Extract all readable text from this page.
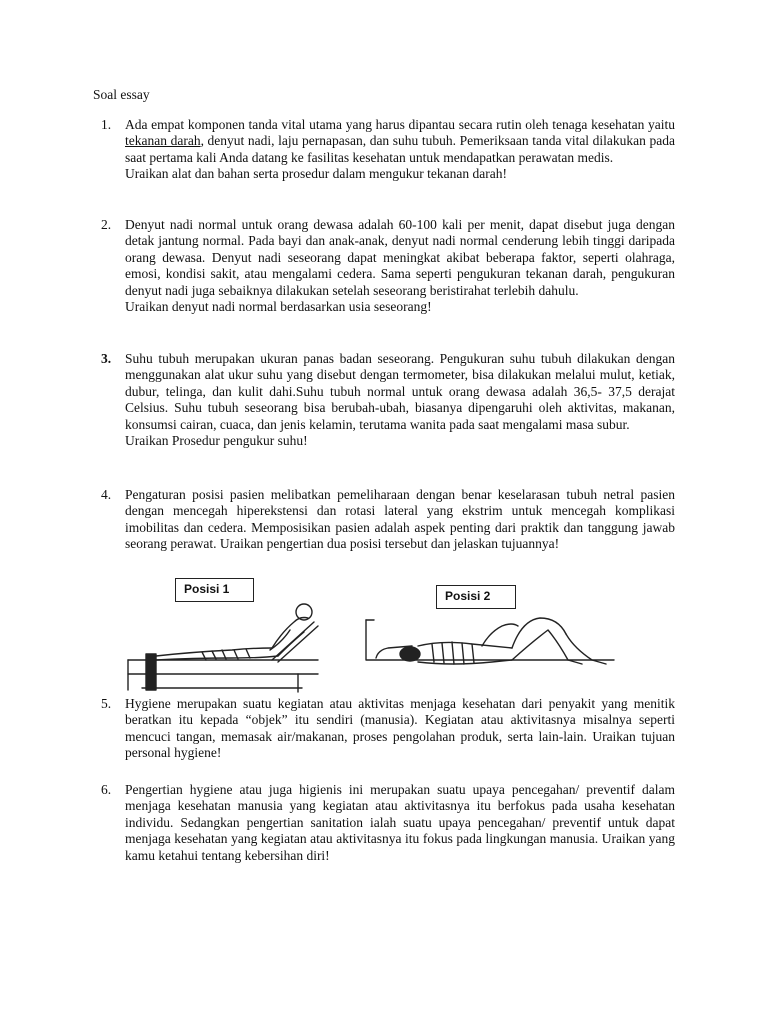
Soal essay
1.	Ada empat komponen tanda vital utama yang harus dipantau secara rutin oleh tenaga kesehatan yaitu tekanan darah, denyut nadi, laju pernapasan, dan suhu tubuh. Pemeriksaan tanda vital dilakukan pada saat pertama kali Anda datang ke fasilitas kesehatan untuk mendapatkan perawatan medis.

Uraikan alat dan bahan serta prosedur dalam mengukur tekanan darah!

2.	Denyut nadi normal untuk orang dewasa adalah 60-100 kali per menit, dapat disebut juga dengan detak jantung normal. Pada bayi dan anak-anak, denyut nadi normal cenderung lebih tinggi daripada orang dewasa. Denyut nadi seseorang dapat meningkat akibat beberapa faktor, seperti olahraga, emosi, kondisi sakit, atau mengalami cedera. Sama seperti pengukuran tekanan darah, pengukuran denyut nadi juga sebaiknya dilakukan setelah seseorang beristirahat terlebih dahulu.

Uraikan denyut nadi normal berdasarkan usia seseorang!

3.	Suhu tubuh merupakan ukuran panas badan seseorang. Pengukuran suhu tubuh dilakukan dengan menggunakan alat ukur suhu yang disebut dengan termometer, bisa dilakukan melalui mulut, ketiak, dubur, telinga, dan kulit dahi.Suhu tubuh normal untuk orang dewasa adalah 36,5- 37,5 derajat Celsius. Suhu tubuh seseorang bisa berubah-ubah, biasanya dipengaruhi oleh aktivitas, makanan, konsumsi cairan, cuaca, dan jenis kelamin, terutama wanita pada saat mengalami masa subur.

Uraikan Prosedur pengukur suhu!

4.	Pengaturan posisi pasien melibatkan pemeliharaan dengan benar keselarasan tubuh netral pasien dengan mencegah hiperekstensi dan rotasi lateral yang ekstrim untuk mencegah komplikasi imobilitas dan cedera. Memposisikan pasien adalah aspek penting dari praktik dan tanggung jawab seorang perawat. Uraikan pengertian dua posisi tersebut dan jelaskan tujuannya!

Posisi 1	Posisi 2
5.	Hygiene merupakan suatu kegiatan atau aktivitas menjaga kesehatan dari penyakit yang menitik beratkan itu kepada “objek” itu sendiri (manusia). Kegiatan atau aktivitasnya misalnya seperti mencuci tangan, memasak air/makanan, proses pengolahan produk, serta lain-lain. Uraikan tujuan personal hygiene!

6.	Pengertian hygiene atau juga higienis ini merupakan suatu upaya pencegahan/ preventif dalam menjaga kesehatan manusia yang kegiatan atau aktivitasnya itu berfokus pada usaha kesehatan individu. Sedangkan pengertian sanitation ialah suatu upaya pencegahan/ preventif untuk dapat menjaga kesehatan yang kegiatan atau aktivitasnya itu fokus pada lingkungan manusia. Uraikan yang kamu ketahui tentang kebersihan diri!
